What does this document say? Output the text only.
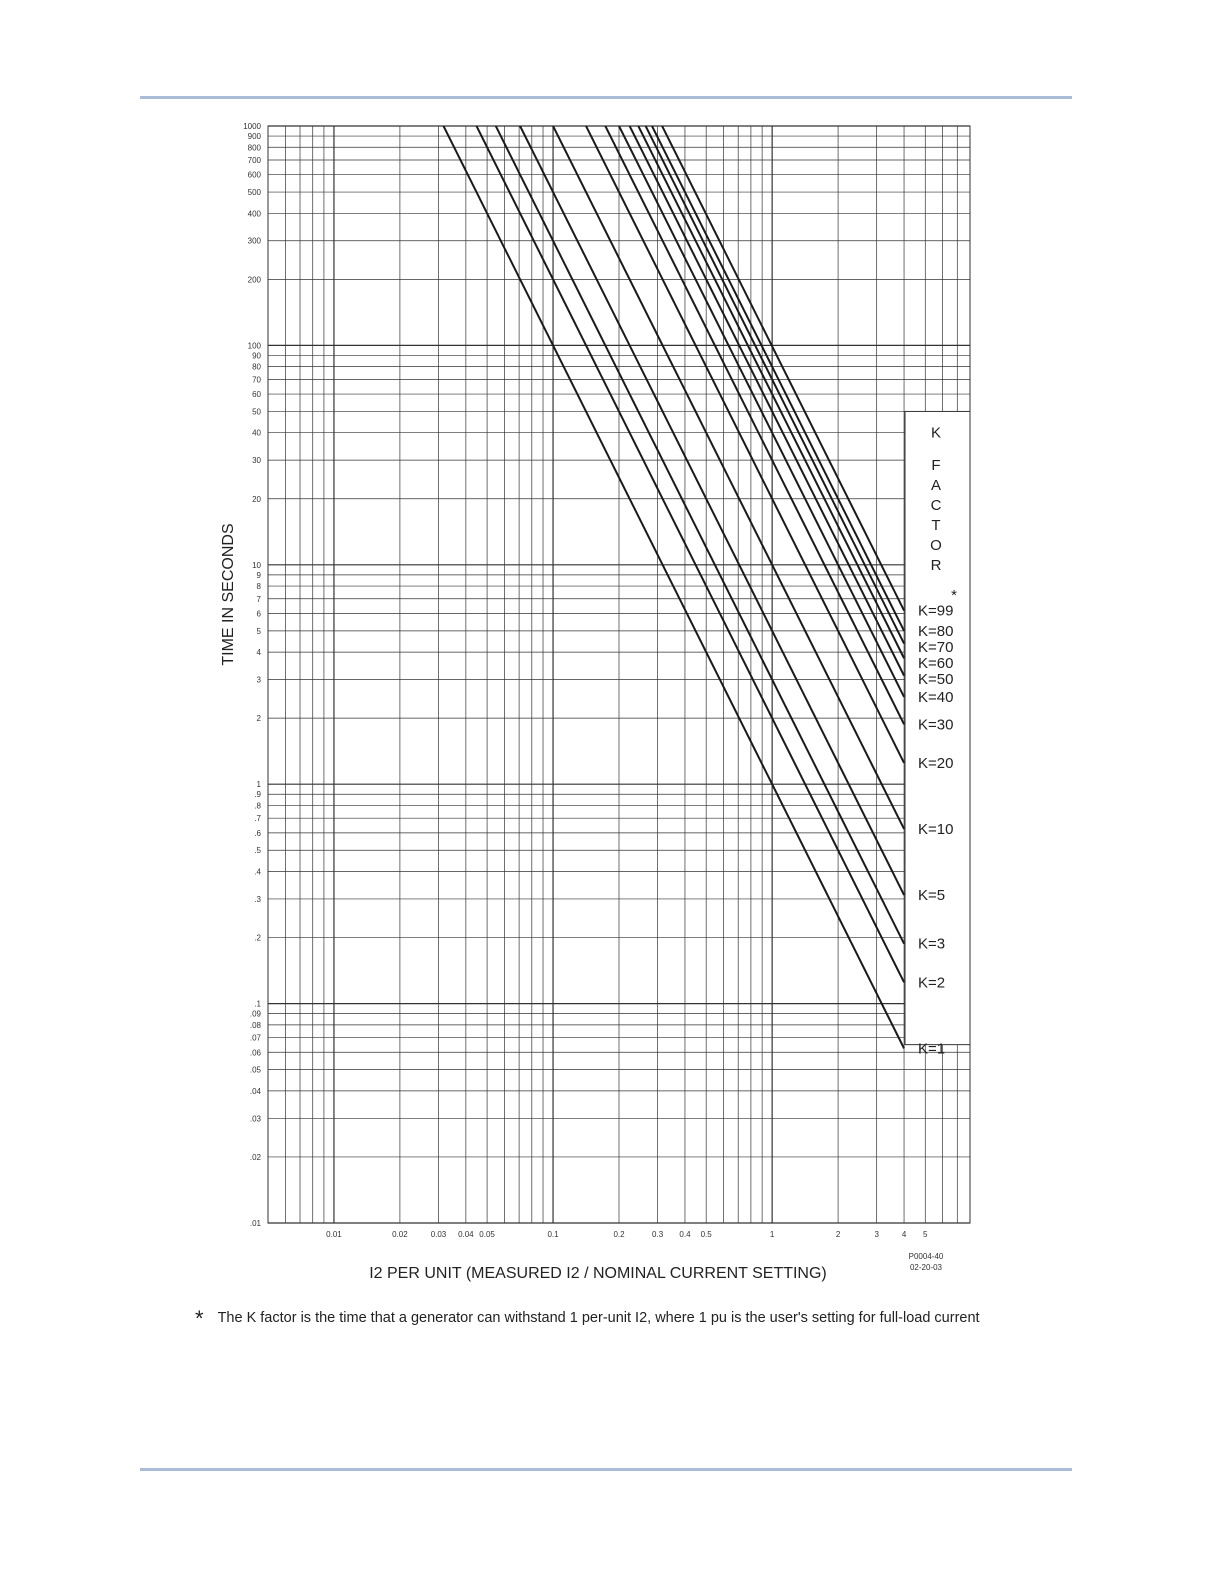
K=99
K=80
K=70
K=60
K=50
K=40
K=30
K=20
K=10
K=5
K=3
K=2
K=1
K
F
A
C
T
O
R
*
1000
900
800
700
600
500
400
300
200
100
90
80
70
60
50
40
30
20
10
9
8
7
6
5
4
3
2
1
.9
.8
.7
.6
.5
.4
.3
.2
.1
.09
.08
.07
.06
.05
.04
.03
.02
.01
0.01	0.02	0.03 0.04 0.05	0.1	0.2	0.3 0.4 0.5	1	2	3	4 5
I2 PER UNIT (MEASURED I2 / NOMINAL CURRENT SETTING)
TIME IN SECONDS
P0004-40
02-20-03
* The K factor is the time that a generator can withstand 1 per-unit I2, where 1 pu is the user's setting for full-load current
